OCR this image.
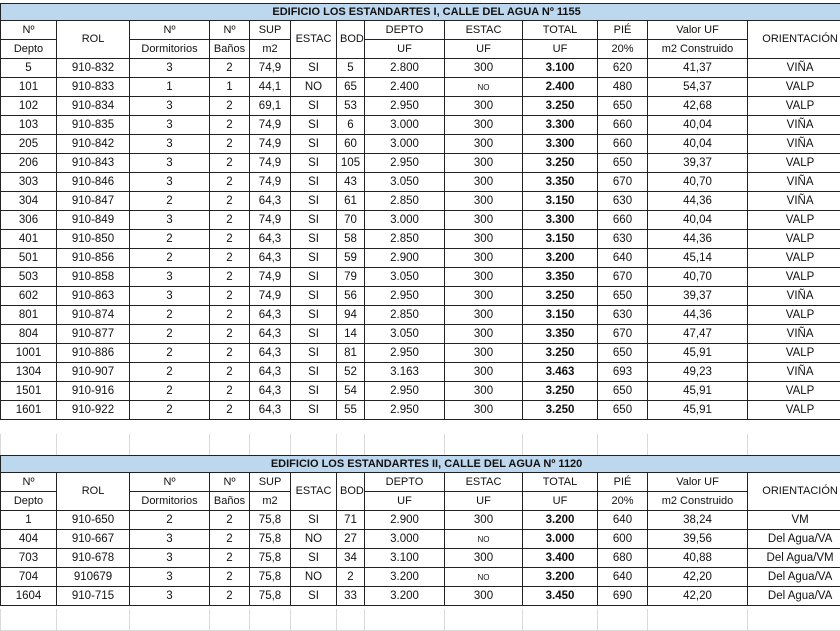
EDIFICIO LOS ESTANDARTES I, CALLE DEL AGUA Nº 1155												
Nº	ROL	Nº	Nº	SUP	ESTAC	BOD	DEPTO	ESTAC	TOTAL	PIÉ	Valor UF	ORIENTACIÓN
Depto		Dormitorios	Baños	m2			UF	UF	UF	20%	m2 Construido	
5	910-832	3	2	74,9	SI	5	2.800	300	3.100	620	41,37	VIÑA
101	910-833	1	1	44,1	NO	65	2.400	NO	2.400	480	54,37	VALP
102	910-834	3	2	69,1	SI	53	2.950	300	3.250	650	42,68	VALP
103	910-835	3	2	74,9	SI	6	3.000	300	3.300	660	40,04	VIÑA
205	910-842	3	2	74,9	SI	60	3.000	300	3.300	660	40,04	VIÑA
206	910-843	3	2	74,9	SI	105	2.950	300	3.250	650	39,37	VALP
303	910-846	3	2	74,9	SI	43	3.050	300	3.350	670	40,70	VIÑA
304	910-847	2	2	64,3	SI	61	2.850	300	3.150	630	44,36	VIÑA
306	910-849	3	2	74,9	SI	70	3.000	300	3.300	660	40,04	VALP
401	910-850	2	2	64,3	SI	58	2.850	300	3.150	630	44,36	VALP
501	910-856	2	2	64,3	SI	59	2.900	300	3.200	640	45,14	VALP
503	910-858	3	2	74,9	SI	79	3.050	300	3.350	670	40,70	VALP
602	910-863	3	2	74,9	SI	56	2.950	300	3.250	650	39,37	VIÑA
801	910-874	2	2	64,3	SI	94	2.850	300	3.150	630	44,36	VALP
804	910-877	2	2	64,3	SI	14	3.050	300	3.350	670	47,47	VIÑA
1001	910-886	2	2	64,3	SI	81	2.950	300	3.250	650	45,91	VALP
1304	910-907	2	2	64,3	SI	52	3.163	300	3.463	693	49,23	VIÑA
1501	910-916	2	2	64,3	SI	54	2.950	300	3.250	650	45,91	VALP
1601	910-922	2	2	64,3	SI	55	2.950	300	3.250	650	45,91	VALP

EDIFICIO LOS ESTANDARTES II, CALLE DEL AGUA Nº 1120												
Nº	ROL	Nº	Nº	SUP	ESTAC	BOD	DEPTO	ESTAC	TOTAL	PIÉ	Valor UF	ORIENTACIÓN
Depto		Dormitorios	Baños	m2			UF	UF	UF	20%	m2 Construido	
1	910-650	2	2	75,8	SI	71	2.900	300	3.200	640	38,24	VM
404	910-667	3	2	75,8	NO	27	3.000	NO	3.000	600	39,56	Del Agua/VA
703	910-678	3	2	75,8	SI	34	3.100	300	3.400	680	40,88	Del Agua/VM
704	910679	3	2	75,8	NO	2	3.200	NO	3.200	640	42,20	Del Agua/VA
1604	910-715	3	2	75,8	SI	33	3.200	300	3.450	690	42,20	Del Agua/VA
